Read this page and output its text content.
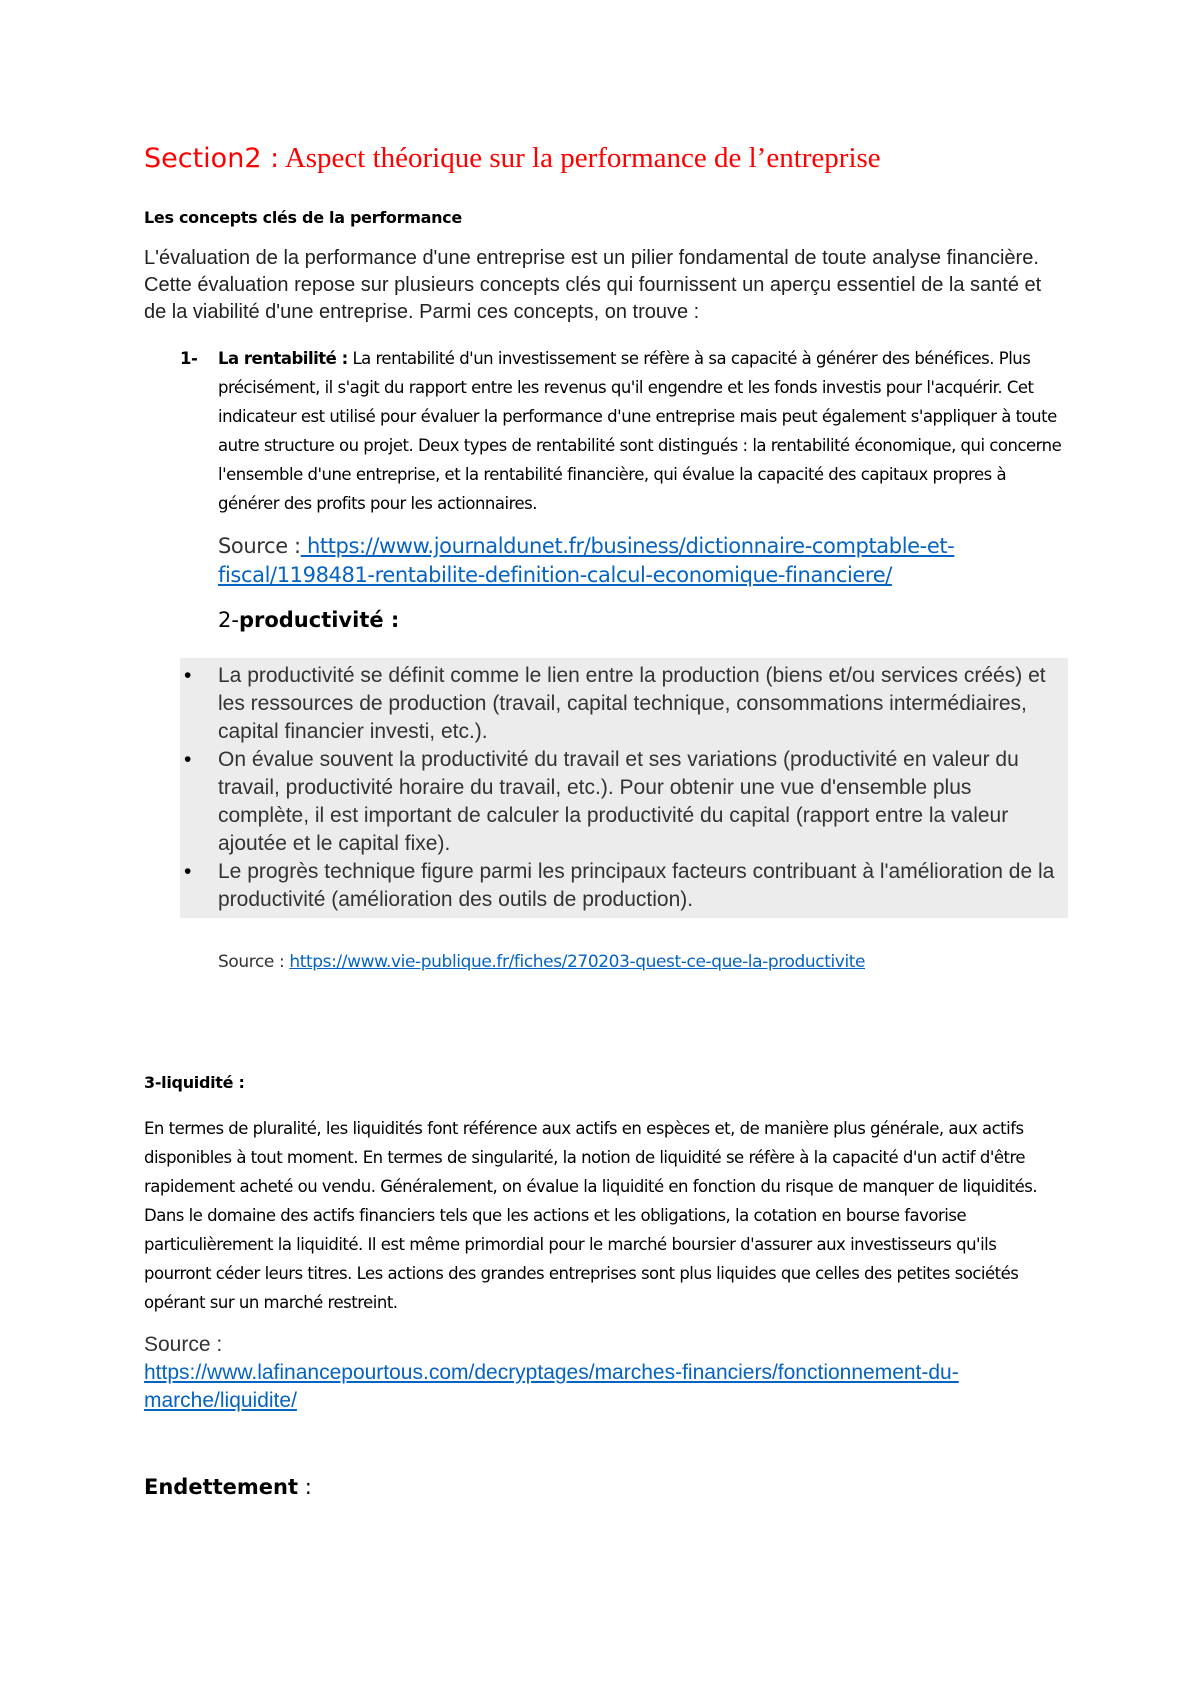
Section2 : Aspect théorique sur la performance de l’entreprise
Les concepts clés de la performance

L'évaluation de la performance d'une entreprise est un pilier fondamental de toute analyse financière. Cette évaluation repose sur plusieurs concepts clés qui fournissent un aperçu essentiel de la santé et de la viabilité d'une entreprise. Parmi ces concepts, on trouve :

1- La rentabilité : La rentabilité d'un investissement se réfère à sa capacité à générer des bénéfices. Plus précisément, il s'agit du rapport entre les revenus qu'il engendre et les fonds investis pour l'acquérir. Cet indicateur est utilisé pour évaluer la performance d'une entreprise mais peut également s'appliquer à toute autre structure ou projet. Deux types de rentabilité sont distingués : la rentabilité économique, qui concerne l'ensemble d'une entreprise, et la rentabilité financière, qui évalue la capacité des capitaux propres à générer des profits pour les actionnaires.
Source : https://www.journaldunet.fr/business/dictionnaire-comptable-et-fiscal/1198481-rentabilite-definition-calcul-economique-financiere/
2-productivité :
• La productivité se définit comme le lien entre la production (biens et/ou services créés) et les ressources de production (travail, capital technique, consommations intermédiaires, capital financier investi, etc.).
• On évalue souvent la productivité du travail et ses variations (productivité en valeur du travail, productivité horaire du travail, etc.). Pour obtenir une vue d'ensemble plus complète, il est important de calculer la productivité du capital (rapport entre la valeur ajoutée et le capital fixe).
• Le progrès technique figure parmi les principaux facteurs contribuant à l'amélioration de la productivité (amélioration des outils de production).
Source : https://www.vie-publique.fr/fiches/270203-quest-ce-que-la-productivite
3-liquidité :

En termes de pluralité, les liquidités font référence aux actifs en espèces et, de manière plus générale, aux actifs disponibles à tout moment. En termes de singularité, la notion de liquidité se réfère à la capacité d'un actif d'être rapidement acheté ou vendu. Généralement, on évalue la liquidité en fonction du risque de manquer de liquidités. Dans le domaine des actifs financiers tels que les actions et les obligations, la cotation en bourse favorise particulièrement la liquidité. Il est même primordial pour le marché boursier d'assurer aux investisseurs qu'ils pourront céder leurs titres. Les actions des grandes entreprises sont plus liquides que celles des petites sociétés opérant sur un marché restreint.

Source :
https://www.lafinancepourtous.com/decryptages/marches-financiers/fonctionnement-du-marche/liquidite/
Endettement :
